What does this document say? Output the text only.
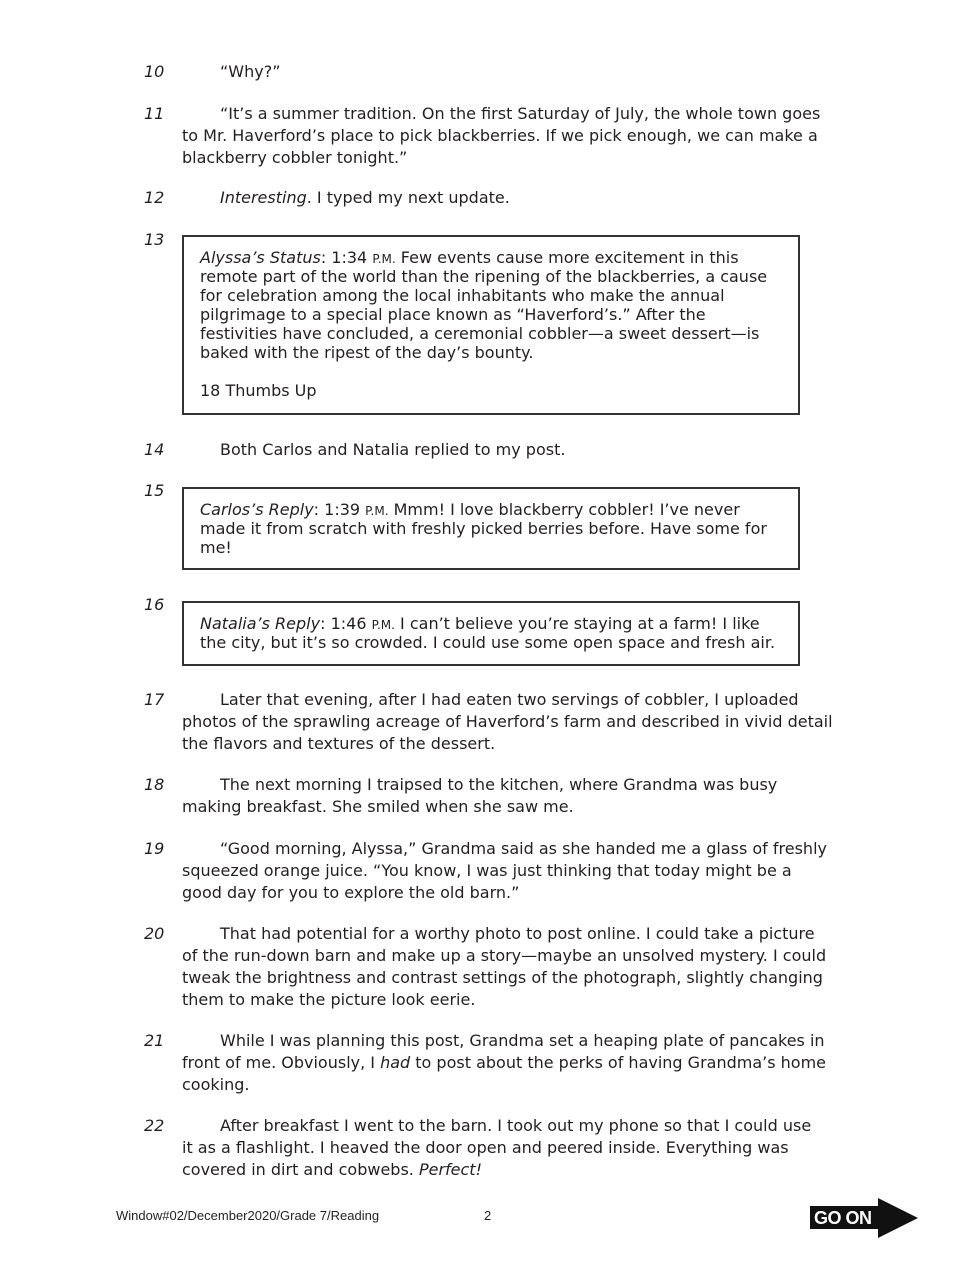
10	“Why?”
11	“It’s a summer tradition. On the first Saturday of July, the whole town goes
to Mr. Haverford’s place to pick blackberries. If we pick enough, we can make a
blackberry cobbler tonight.”
12	Interesting. I typed my next update.
13
Alyssa’s Status: 1:34 P.M. Few events cause more excitement in this
remote part of the world than the ripening of the blackberries, a cause
for celebration among the local inhabitants who make the annual
pilgrimage to a special place known as “Haverford’s.” After the
festivities have concluded, a ceremonial cobbler—a sweet dessert—is
baked with the ripest of the day’s bounty.
18 Thumbs Up
14	Both Carlos and Natalia replied to my post.
15
Carlos’s Reply: 1:39 P.M. Mmm! I love blackberry cobbler! I’ve never
made it from scratch with freshly picked berries before. Have some for
me!
16
Natalia’s Reply: 1:46 P.M. I can’t believe you’re staying at a farm! I like
the city, but it’s so crowded. I could use some open space and fresh air.
17	Later that evening, after I had eaten two servings of cobbler, I uploaded
photos of the sprawling acreage of Haverford’s farm and described in vivid detail
the flavors and textures of the dessert.
18	The next morning I traipsed to the kitchen, where Grandma was busy
making breakfast. She smiled when she saw me.
19	“Good morning, Alyssa,” Grandma said as she handed me a glass of freshly
squeezed orange juice. “You know, I was just thinking that today might be a
good day for you to explore the old barn.”
20	That had potential for a worthy photo to post online. I could take a picture
of the run-down barn and make up a story—maybe an unsolved mystery. I could
tweak the brightness and contrast settings of the photograph, slightly changing
them to make the picture look eerie.
21	While I was planning this post, Grandma set a heaping plate of pancakes in
front of me. Obviously, I had to post about the perks of having Grandma’s home
cooking.
22	After breakfast I went to the barn. I took out my phone so that I could use
it as a flashlight. I heaved the door open and peered inside. Everything was
covered in dirt and cobwebs. Perfect!
Window#02/December2020/Grade 7/Reading	2	GO ON
